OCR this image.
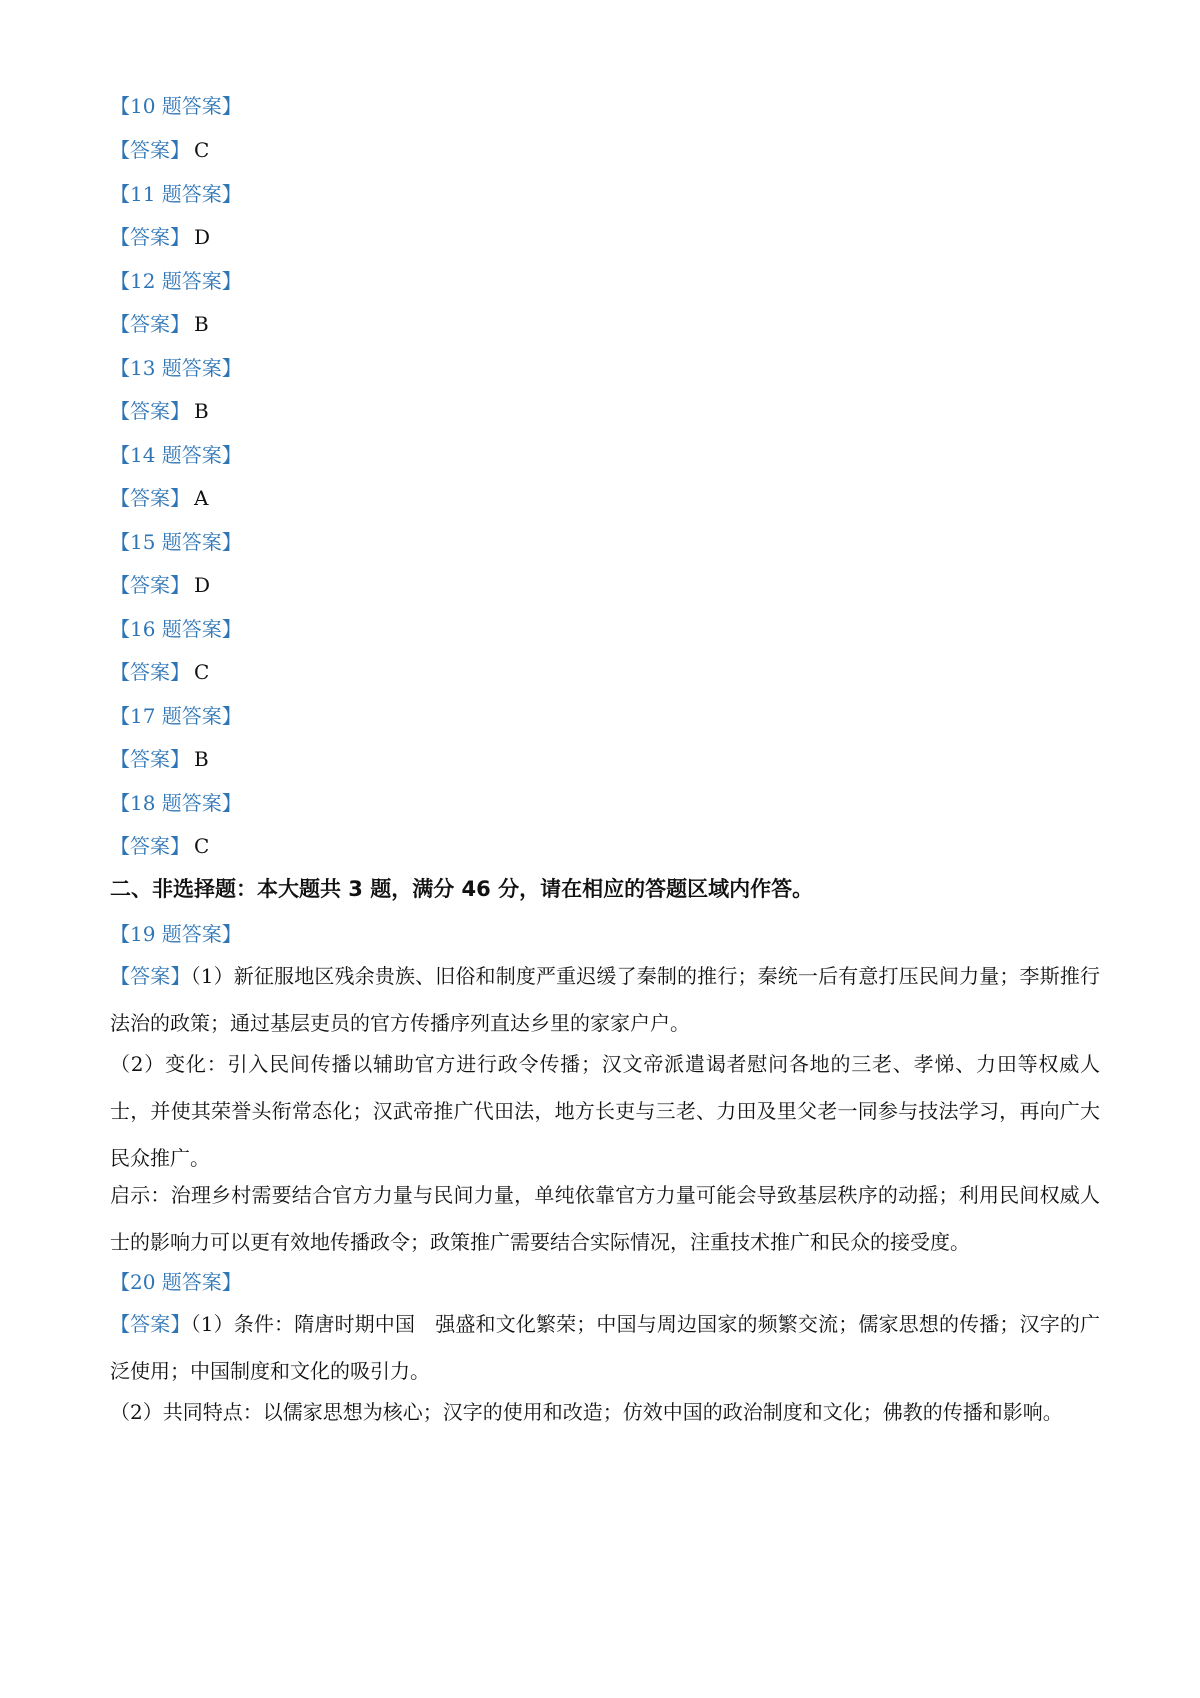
【10 题答案】
【答案】 C
【11 题答案】
【答案】 D
【12 题答案】
【答案】 B
【13 题答案】
【答案】 B
【14 题答案】
【答案】 A
【15 题答案】
【答案】 D
【16 题答案】
【答案】 C
【17 题答案】
【答案】 B
【18 题答案】
【答案】 C
二、非选择题：本大题共 3 题，满分 46 分，请在相应的答题区域内作答。
【19 题答案】
【答案】（1）新征服地区残余贵族、旧俗和制度严重迟缓了秦制的推行；秦统一后有意打压民间力量；李斯推行法治的政策；通过基层吏员的官方传播序列直达乡里的家家户户。
（2）变化：引入民间传播以辅助官方进行政令传播；汉文帝派遣谒者慰问各地的三老、孝悌、力田等权威人士，并使其荣誉头衔常态化；汉武帝推广代田法，地方长吏与三老、力田及里父老一同参与技法学习，再向广大民众推广。
启示：治理乡村需要结合官方力量与民间力量，单纯依靠官方力量可能会导致基层秩序的动摇；利用民间权威人士的影响力可以更有效地传播政令；政策推广需要结合实际情况，注重技术推广和民众的接受度。
【20 题答案】
【答案】（1）条件：隋唐时期中国　强盛和文化繁荣；中国与周边国家的频繁交流；儒家思想的传播；汉字的广泛使用；中国制度和文化的吸引力。
（2）共同特点：以儒家思想为核心；汉字的使用和改造；仿效中国的政治制度和文化；佛教的传播和影响。
